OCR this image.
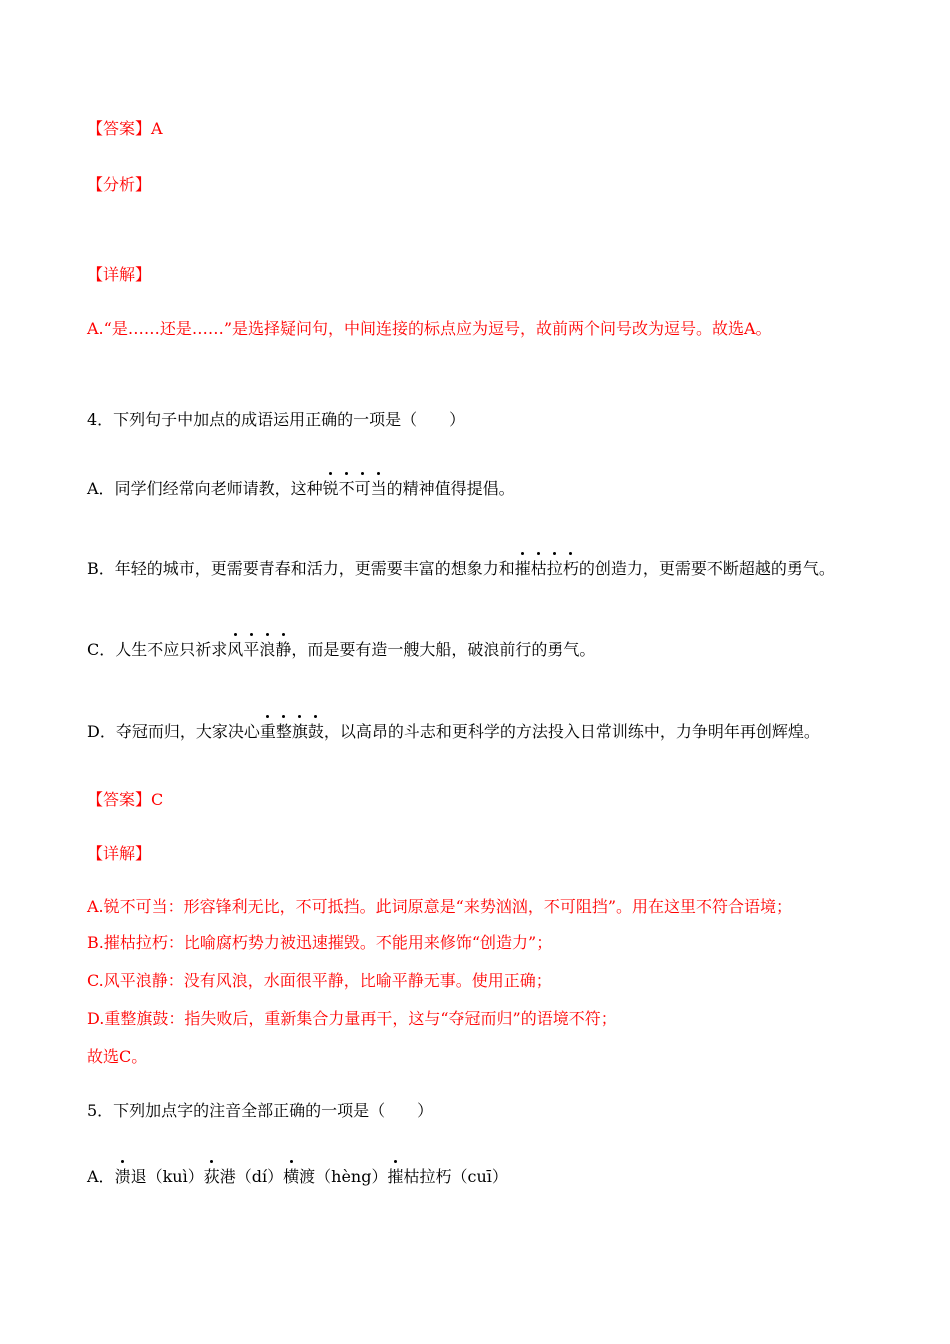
【答案】A
【分析】
【详解】
A.“是……还是……”是选择疑问句，中间连接的标点应为逗号，故前两个问号改为逗号。故选A。
4．下列句子中加点的成语运用正确的一项是（　　）
A．同学们经常向老师请教，这种锐不可当的精神值得提倡。
B．年轻的城市，更需要青春和活力，更需要丰富的想象力和摧枯拉朽的创造力，更需要不断超越的勇气。
C．人生不应只祈求风平浪静，而是要有造一艘大船，破浪前行的勇气。
D．夺冠而归，大家决心重整旗鼓，以高昂的斗志和更科学的方法投入日常训练中，力争明年再创辉煌。
【答案】C
【详解】
A.锐不可当：形容锋利无比，不可抵挡。此词原意是“来势汹汹，不可阻挡”。用在这里不符合语境；
B.摧枯拉朽：比喻腐朽势力被迅速摧毁。不能用来修饰“创造力”；
C.风平浪静：没有风浪，水面很平静，比喻平静无事。使用正确；
D.重整旗鼓：指失败后，重新集合力量再干，这与“夺冠而归”的语境不符；
故选C。
5．下列加点字的注音全部正确的一项是（　　）
A．溃退（kuì）荻港（dí）横渡（hèng）摧枯拉朽（cuī）
